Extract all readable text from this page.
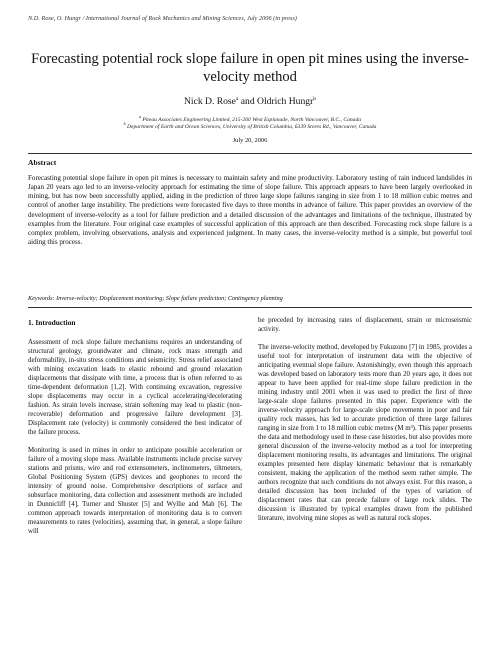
N.D. Rose, O. Hungr / International Journal of Rock Mechanics and Mining Sciences, July 2006 (in press)
Forecasting potential rock slope failure in open pit mines using the inverse-velocity method
Nick D. Rose$^a$ and Oldrich Hungr$^b$
$^a$ Piteau Associates Engineering Limited, 215-260 West Esplanade, North Vancouver, B.C., Canada
$^b$ Department of Earth and Ocean Sciences, University of British Columbia, 6339 Stores Rd., Vancouver, Canada
July 20, 2006
Abstract
Forecasting potential slope failure in open pit mines is necessary to maintain safety and mine productivity. Laboratory testing of rain induced landslides in Japan 20 years ago led to an inverse-velocity approach for estimating the time of slope failure. This approach appears to have been largely overlooked in mining, but has now been successfully applied, aiding in the prediction of three large slope failures ranging in size from 1 to 18 million cubic metres and control of another large instability. The predictions were forecasted five days to three months in advance of failure. This paper provides an overview of the development of inverse-velocity as a tool for failure prediction and a detailed discussion of the advantages and limitations of the technique, illustrated by examples from the literature. Four original case examples of successful application of this approach are then described. Forecasting rock slope failure is a complex problem, involving observations, analysis and experienced judgment. In many cases, the inverse-velocity method is a simple, but powerful tool aiding this process.
Keywords: Inverse-velocity; Displacement monitoring; Slope failure prediction; Contingency planning
1. Introduction

Assessment of rock slope failure mechanisms requires an understanding of structural geology, groundwater and climate, rock mass strength and deformability, in-situ stress conditions and seismicity. Stress relief associated with mining excavation leads to elastic rebound and ground relaxation displacements that dissipate with time, a process that is often referred to as time-dependent deformation [1,2]. With continuing excavation, regressive slope displacements may occur in a cyclical accelerating/decelerating fashion. As strain levels increase, strain softening may lead to plastic (non-recoverable) deformation and progressive failure development [3]. Displacement rate (velocity) is commonly considered the best indicator of the failure process.

Monitoring is used in mines in order to anticipate possible acceleration or failure of a moving slope mass. Available instruments include precise survey stations and prisms, wire and rod extensometers, inclinometers, tiltmeters, Global Positioning System (GPS) devices and geophones to record the intensity of ground noise. Comprehensive descriptions of surface and subsurface monitoring, data collection and assessment methods are included in Dunnicliff [4], Turner and Shuster [5] and Wyllie and Mah [6]. The common approach towards interpretation of monitoring data is to convert measurements to rates (velocities), assuming that, in general, a slope failure will

be preceded by increasing rates of displacement, strain or microseismic activity.

The inverse-velocity method, developed by Fukuzono [7] in 1985, provides a useful tool for interpretation of instrument data with the objective of anticipating eventual slope failure. Astonishingly, even though this approach was developed based on laboratory tests more than 20 years ago, it does not appear to have been applied for real-time slope failure prediction in the mining industry until 2001 when it was used to predict the first of three large-scale slope failures presented in this paper. Experience with the inverse-velocity approach for large-scale slope movements in poor and fair quality rock masses, has led to accurate prediction of three large failures ranging in size from 1 to 18 million cubic metres (M m³). This paper presents the data and methodology used in these case histories, but also provides more general discussion of the inverse-velocity method as a tool for interpreting displacement monitoring results, its advantages and limitations. The original examples presented here display kinematic behaviour that is remarkably consistent, making the application of the method seem rather simple. The authors recognize that such conditions do not always exist. For this reason, a detailed discussion has been included of the types of variation of displacement rates that can precede failure of large rock slides. The discussion is illustrated by typical examples drawn from the published literature, involving mine slopes as well as natural rock slopes.
